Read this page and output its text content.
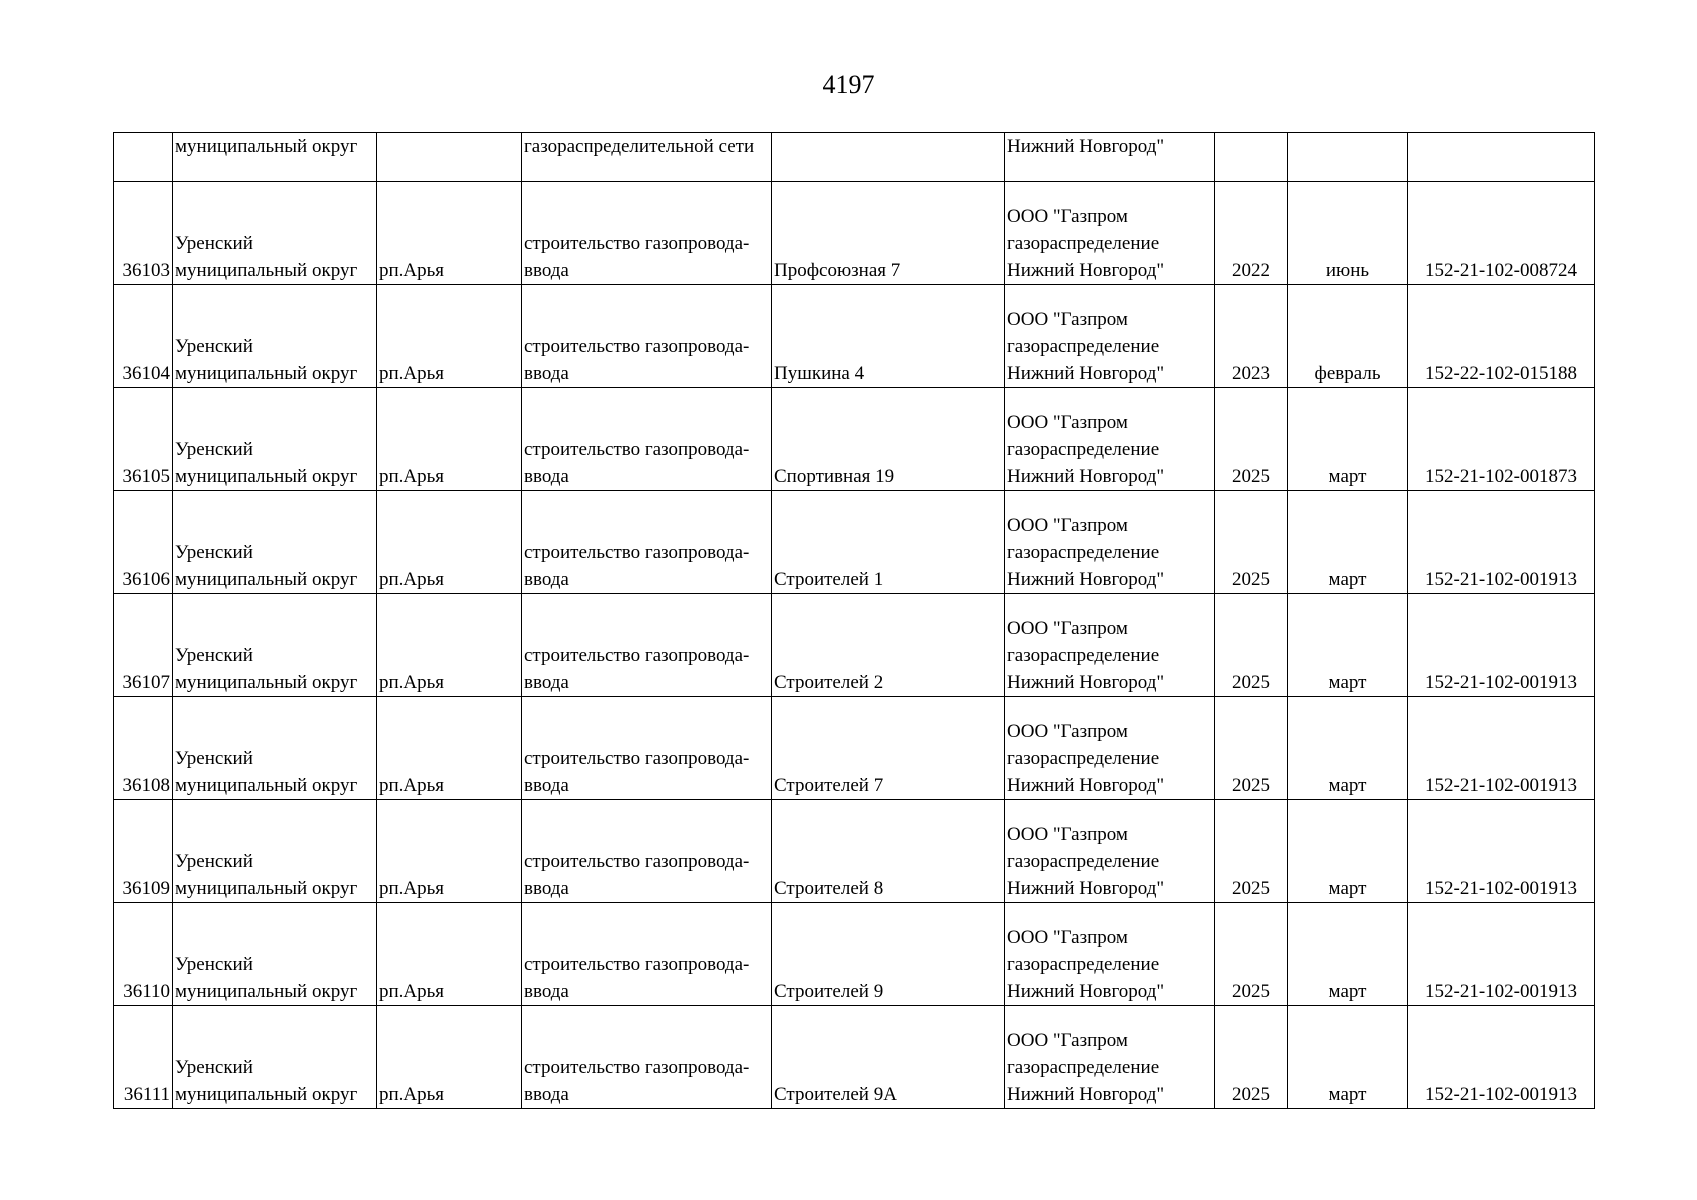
4197
	муниципальный округ		газораспределительной сети		Нижний Новгород"			
36103	Уренский
муниципальный округ	рп.Арья	строительство газопровода-
ввода	Профсоюзная 7	ООО "Газпром
газораспределение
Нижний Новгород"	2022	июнь	152-21-102-008724
36104	Уренский
муниципальный округ	рп.Арья	строительство газопровода-
ввода	Пушкина 4	ООО "Газпром
газораспределение
Нижний Новгород"	2023	февраль	152-22-102-015188
36105	Уренский
муниципальный округ	рп.Арья	строительство газопровода-
ввода	Спортивная 19	ООО "Газпром
газораспределение
Нижний Новгород"	2025	март	152-21-102-001873
36106	Уренский
муниципальный округ	рп.Арья	строительство газопровода-
ввода	Строителей 1	ООО "Газпром
газораспределение
Нижний Новгород"	2025	март	152-21-102-001913
36107	Уренский
муниципальный округ	рп.Арья	строительство газопровода-
ввода	Строителей 2	ООО "Газпром
газораспределение
Нижний Новгород"	2025	март	152-21-102-001913
36108	Уренский
муниципальный округ	рп.Арья	строительство газопровода-
ввода	Строителей 7	ООО "Газпром
газораспределение
Нижний Новгород"	2025	март	152-21-102-001913
36109	Уренский
муниципальный округ	рп.Арья	строительство газопровода-
ввода	Строителей 8	ООО "Газпром
газораспределение
Нижний Новгород"	2025	март	152-21-102-001913
36110	Уренский
муниципальный округ	рп.Арья	строительство газопровода-
ввода	Строителей 9	ООО "Газпром
газораспределение
Нижний Новгород"	2025	март	152-21-102-001913
36111	Уренский
муниципальный округ	рп.Арья	строительство газопровода-
ввода	Строителей 9А	ООО "Газпром
газораспределение
Нижний Новгород"	2025	март	152-21-102-001913
